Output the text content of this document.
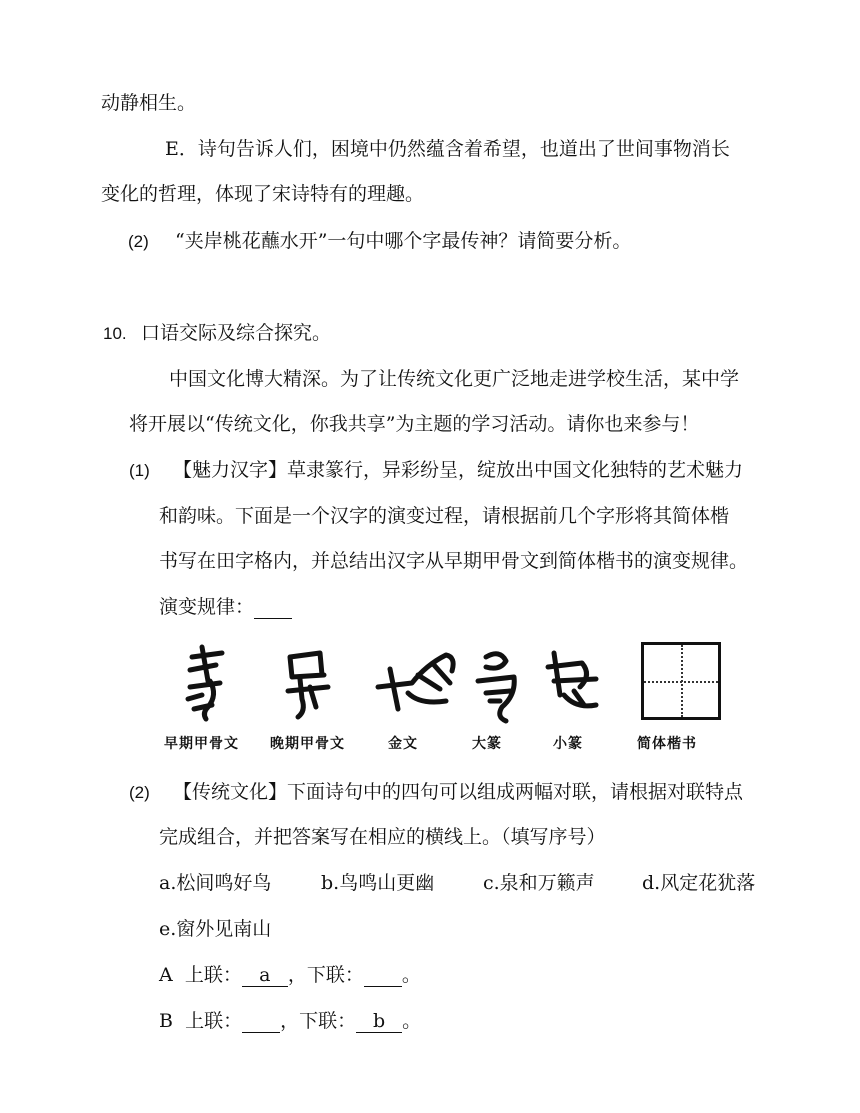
动静相生。
E．诗句告诉人们，困境中仍然蕴含着希望，也道出了世间事物消长
变化的哲理，体现了宋诗特有的理趣。
(2) “夹岸桃花蘸水开”一句中哪个字最传神？请简要分析。
10. 口语交际及综合探究。
中国文化博大精深。为了让传统文化更广泛地走进学校生活，某中学
将开展以“传统文化，你我共享”为主题的学习活动。请你也来参与！
(1) 【魅力汉字】草隶篆行，异彩纷呈，绽放出中国文化独特的艺术魅力
和韵味。下面是一个汉字的演变过程，请根据前几个字形将其简体楷
书写在田字格内，并总结出汉字从早期甲骨文到简体楷书的演变规律。
演变规律：
早期甲骨文 晚期甲骨文	金文	大篆	小篆	简体楷书
(2) 【传统文化】下面诗句中的四句可以组成两幅对联，请根据对联特点
完成组合，并把答案写在相应的横线上。（填写序号）
a.松间鸣好鸟	b.鸟鸣山更幽	c.泉和万籁声 d.风定花犹落
e.窗外见南山
A 上联： a ，下联： 。
B 上联： ，下联： b 。
